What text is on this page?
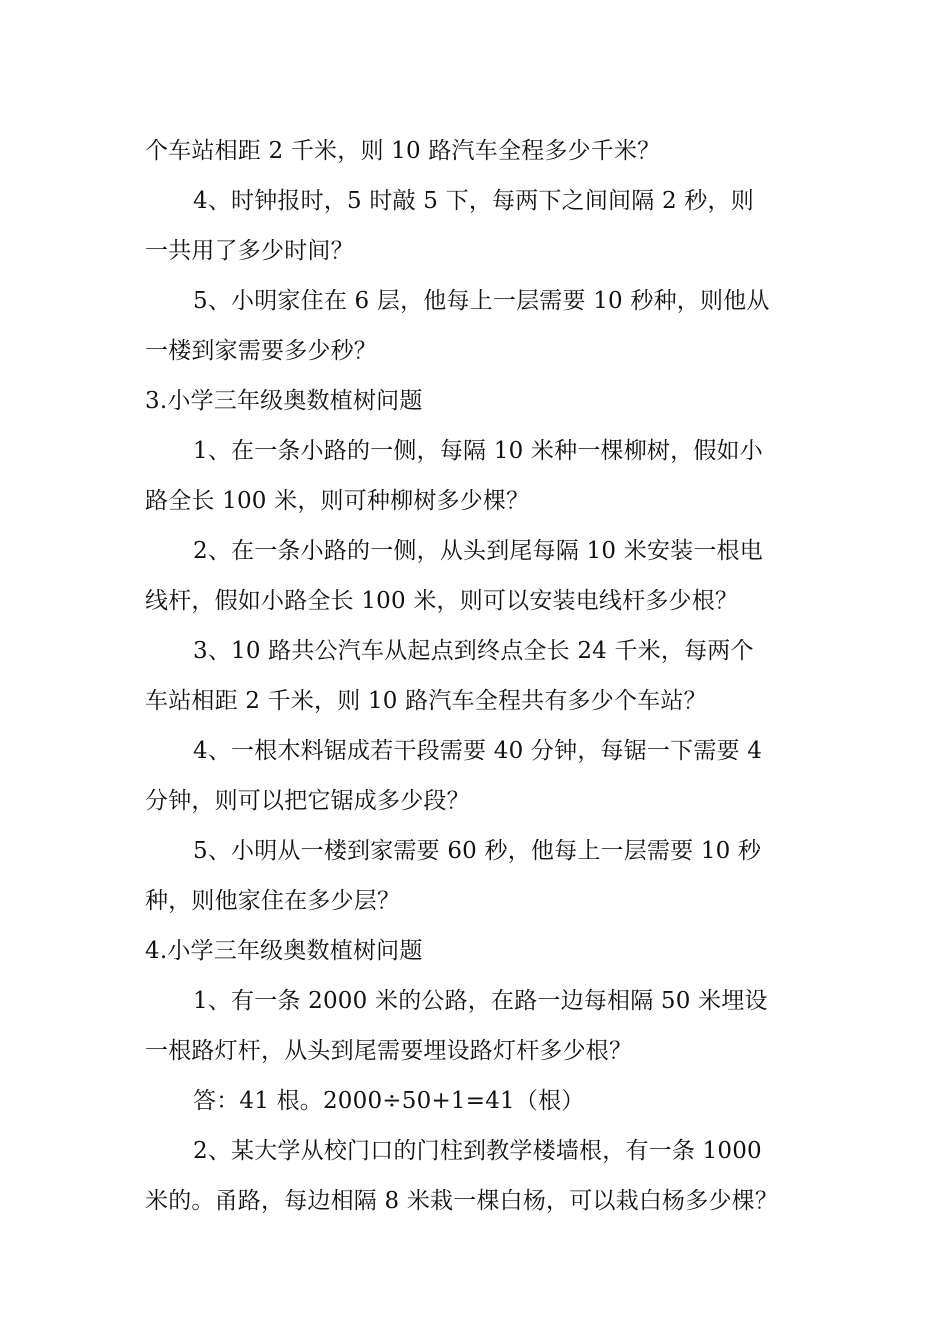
个车站相距 2 千米，则 10 路汽车全程多少千米？
4、时钟报时，5 时敲 5 下，每两下之间间隔 2 秒，则
一共用了多少时间？
5、小明家住在 6 层，他每上一层需要 10 秒种，则他从
一楼到家需要多少秒？
3.小学三年级奥数植树问题
1、在一条小路的一侧，每隔 10 米种一棵柳树，假如小
路全长 100 米，则可种柳树多少棵？
2、在一条小路的一侧，从头到尾每隔 10 米安装一根电
线杆，假如小路全长 100 米，则可以安装电线杆多少根？
3、10 路共公汽车从起点到终点全长 24 千米，每两个
车站相距 2 千米，则 10 路汽车全程共有多少个车站？
4、一根木料锯成若干段需要 40 分钟，每锯一下需要 4
分钟，则可以把它锯成多少段？
5、小明从一楼到家需要 60 秒，他每上一层需要 10 秒
种，则他家住在多少层？
4.小学三年级奥数植树问题
1、有一条 2000 米的公路，在路一边每相隔 50 米埋设
一根路灯杆，从头到尾需要埋设路灯杆多少根？
答：41 根。2000÷50+1=41（根）
2、某大学从校门口的门柱到教学楼墙根，有一条 1000
米的。甬路，每边相隔 8 米栽一棵白杨，可以栽白杨多少棵？
